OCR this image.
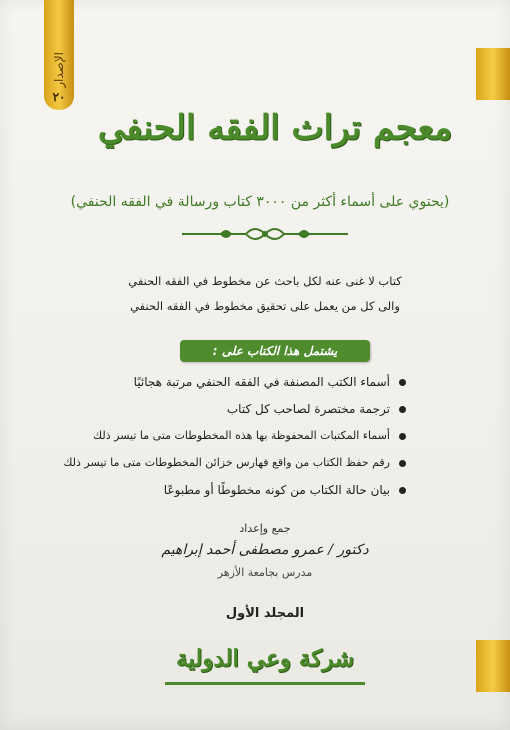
الإصدار
٢٠
معجم تراث الفقه الحنفي
(يحتوي على أسماء أكثر من ٣٠٠٠ كتاب ورسالة في الفقه الحنفي)
كتاب لا غنى عنه لكل باحث عن مخطوط في الفقه الحنفي
والى كل من يعمل على تحقيق مخطوط في الفقه الحنفي
يشتمل هذا الكتاب على :
أسماء الكتب المصنفة في الفقه الحنفي مرتبة هجائيًا
ترجمة مختصرة لصاحب كل كتاب
أسماء المكتبات المحفوظة بها هذه المخطوطات متى ما تيسر ذلك
رقم حفظ الكتاب من واقع فهارس خزائن المخطوطات متى ما تيسر ذلك
بيان حالة الكتاب من كونه مخطوطًا أو مطبوعًا
جمع وإعداد
دكتور / عمرو مصطفى أحمد إبراهيم
مدرس بجامعة الأزهر
المجلد الأول
شركة وعي الدولية
